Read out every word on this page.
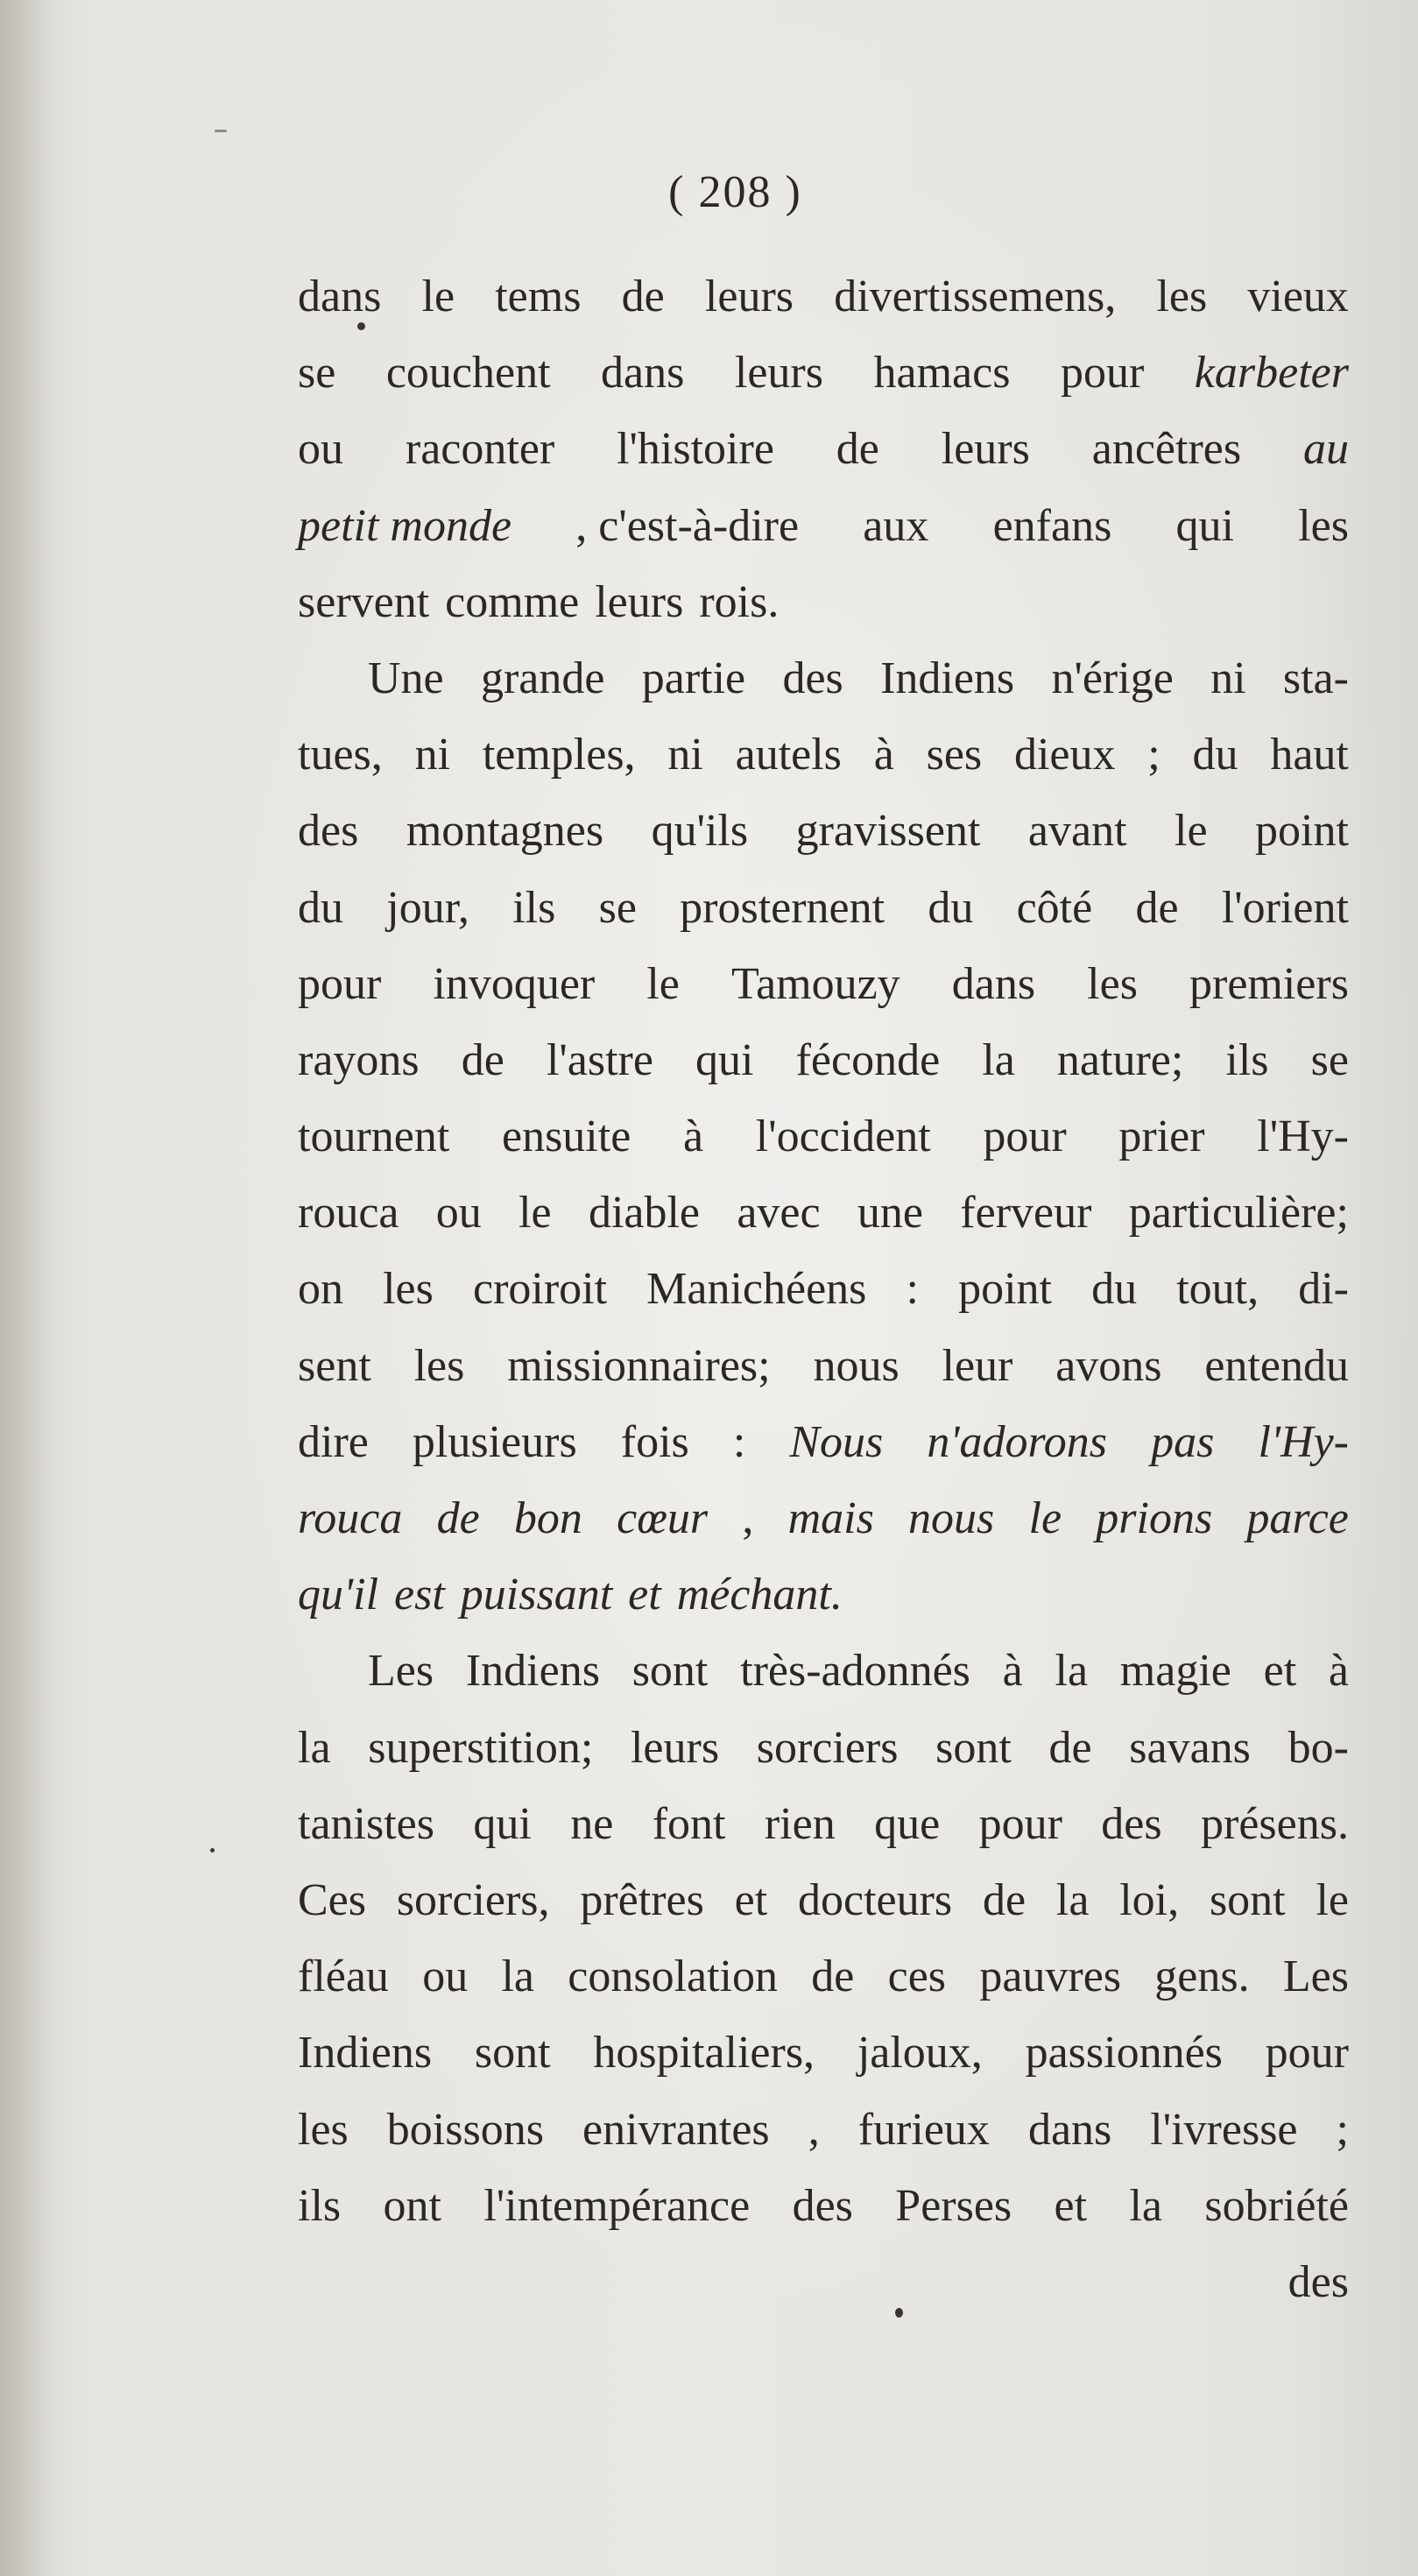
( 208 )
dans le tems de leurs divertissemens, les vieux
se couchent dans leurs hamacs pour karbeter
ou raconter l'histoire de leurs ancêtres au
petit monde , c'est-à-dire aux enfans qui les
servent comme leurs rois.
Une grande partie des Indiens n'érige ni sta-
tues, ni temples, ni autels à ses dieux ; du haut
des montagnes qu'ils gravissent avant le point
du jour, ils se prosternent du côté de l'orient
pour invoquer le Tamouzy dans les premiers
rayons de l'astre qui féconde la nature; ils se
tournent ensuite à l'occident pour prier l'Hy-
rouca ou le diable avec une ferveur particulière;
on les croiroit Manichéens : point du tout, di-
sent les missionnaires; nous leur avons entendu
dire plusieurs fois : Nous n'adorons pas l'Hy-
rouca de bon cœur , mais nous le prions parce
qu'il est puissant et méchant.
Les Indiens sont très-adonnés à la magie et à
la superstition; leurs sorciers sont de savans bo-
tanistes qui ne font rien que pour des présens.
Ces sorciers, prêtres et docteurs de la loi, sont le
fléau ou la consolation de ces pauvres gens. Les
Indiens sont hospitaliers, jaloux, passionnés pour
les boissons enivrantes , furieux dans l'ivresse ;
ils ont l'intempérance des Perses et la sobriété
des
